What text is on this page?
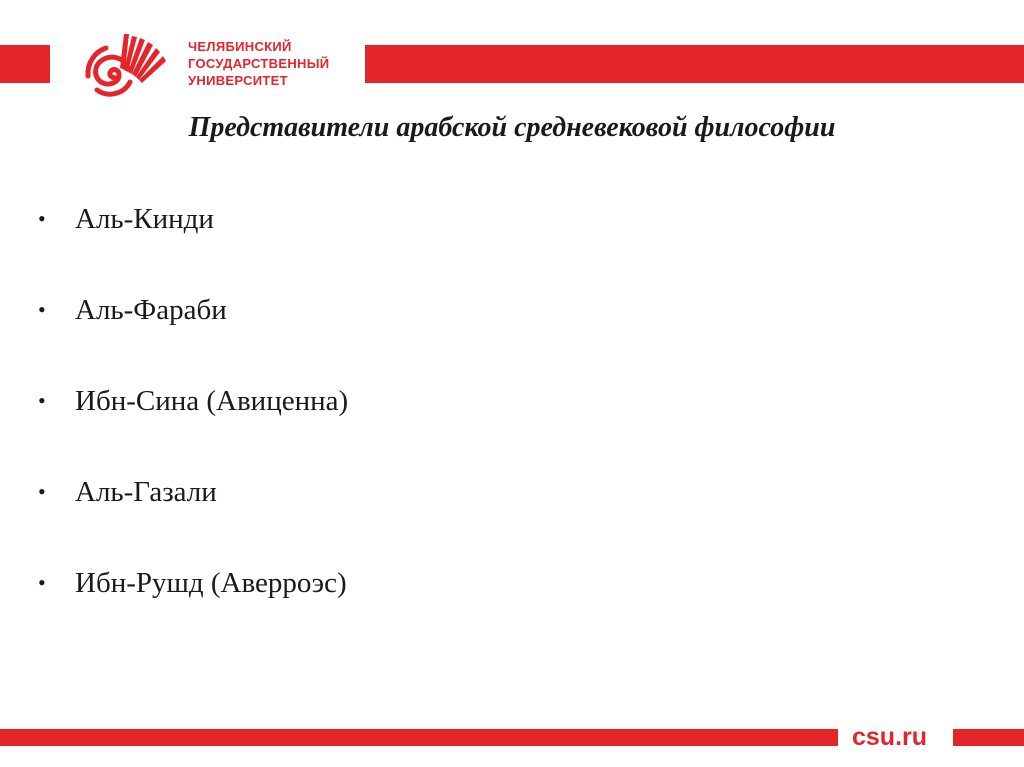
ЧЕЛЯБИНСКИЙ
ГОСУДАРСТВЕННЫЙ
УНИВЕРСИТЕТ
Представители арабской средневековой философии
•	Аль-Кинди
•	Аль-Фараби
•	Ибн-Сина (Авиценна)
•	Аль-Газали
•	Ибн-Рушд (Аверроэс)
csu.ru
